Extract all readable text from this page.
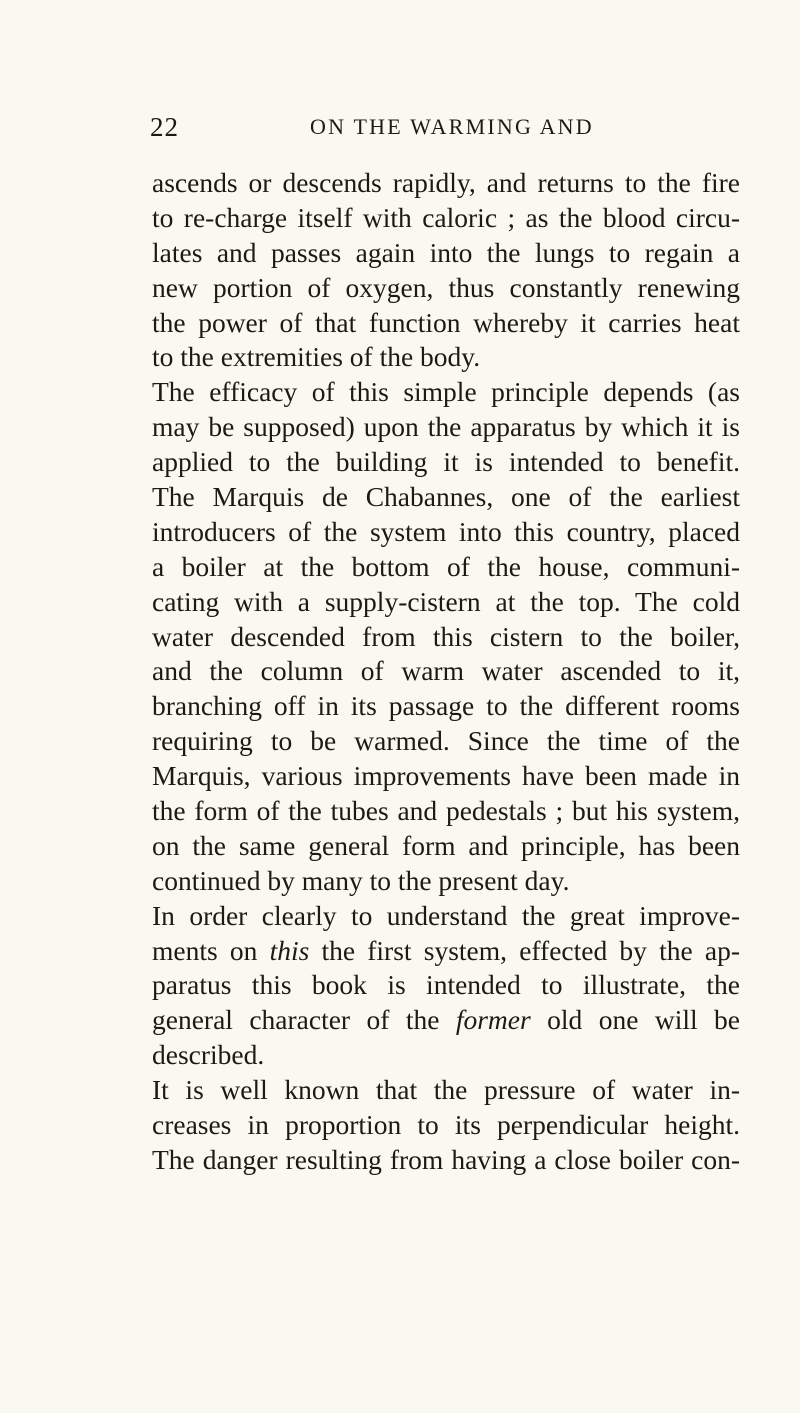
22	ON THE WARMING AND
ascends or descends rapidly, and returns to the fire
to re-charge itself with caloric ; as the blood circu-
lates and passes again into the lungs to regain a
new portion of oxygen, thus constantly renewing
the power of that function whereby it carries heat
to the extremities of the body.
The efficacy of this simple principle depends (as
may be supposed) upon the apparatus by which it is
applied to the building it is intended to benefit.
The Marquis de Chabannes, one of the earliest
introducers of the system into this country, placed
a boiler at the bottom of the house, communi-
cating with a supply-cistern at the top. The cold
water descended from this cistern to the boiler,
and the column of warm water ascended to it,
branching off in its passage to the different rooms
requiring to be warmed. Since the time of the
Marquis, various improvements have been made in
the form of the tubes and pedestals ; but his system,
on the same general form and principle, has been
continued by many to the present day.
In order clearly to understand the great improve-
ments on this the first system, effected by the ap-
paratus this book is intended to illustrate, the
general character of the former old one will be
described.
It is well known that the pressure of water in-
creases in proportion to its perpendicular height.
The danger resulting from having a close boiler con-
